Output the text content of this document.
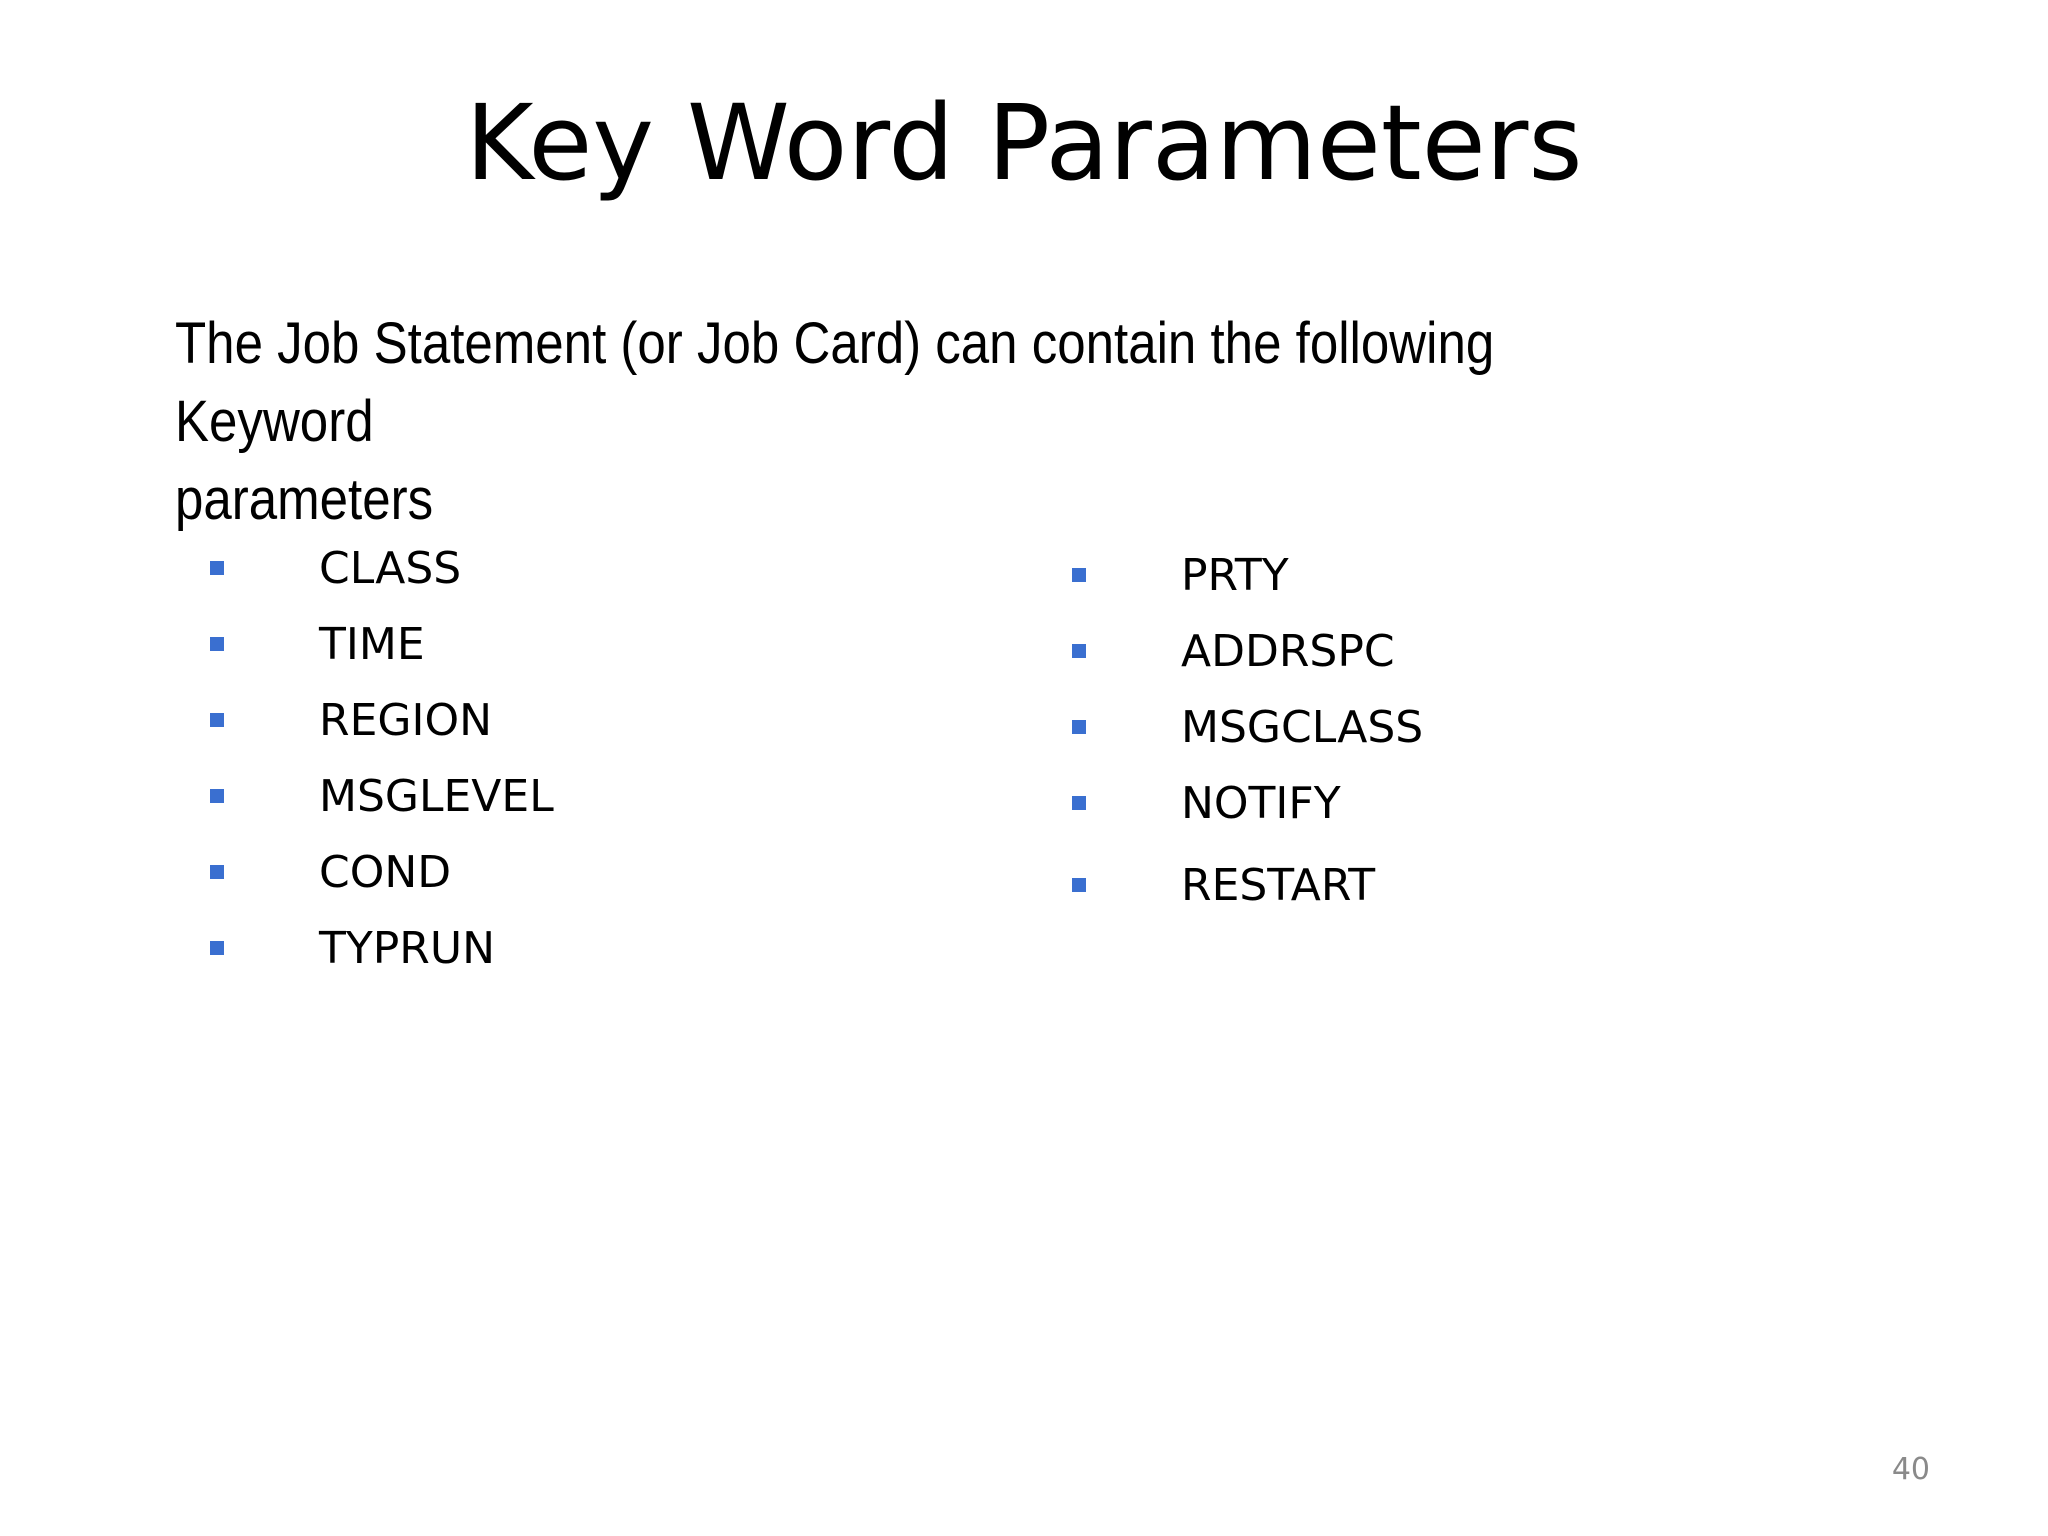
Key Word Parameters
The Job Statement (or Job Card) can contain the following Keyword
parameters
CLASS
TIME
REGION
MSGLEVEL
COND
TYPRUN
PRTY
ADDRSPC
MSGCLASS
NOTIFY
RESTART
40
